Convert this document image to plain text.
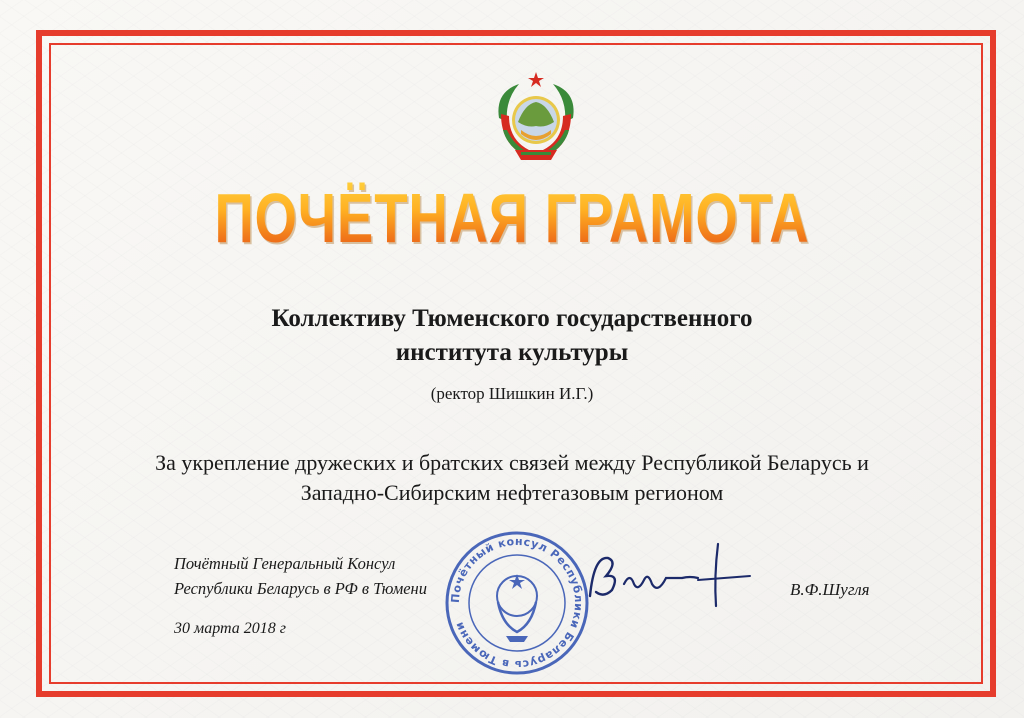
ПОЧЁТНАЯ ГРАМОТА
Коллективу Тюменского государственного
института культуры
(ректор Шишкин И.Г.)
За укрепление дружеских и братских связей между Республикой Беларусь и
Западно-Сибирским нефтегазовым регионом
Почётный консул Республики Беларусь в Тюмени
Почётный Генеральный Консул
Республики Беларусь в РФ в Тюмени
30 марта 2018 г
В.Ф.Шугля
